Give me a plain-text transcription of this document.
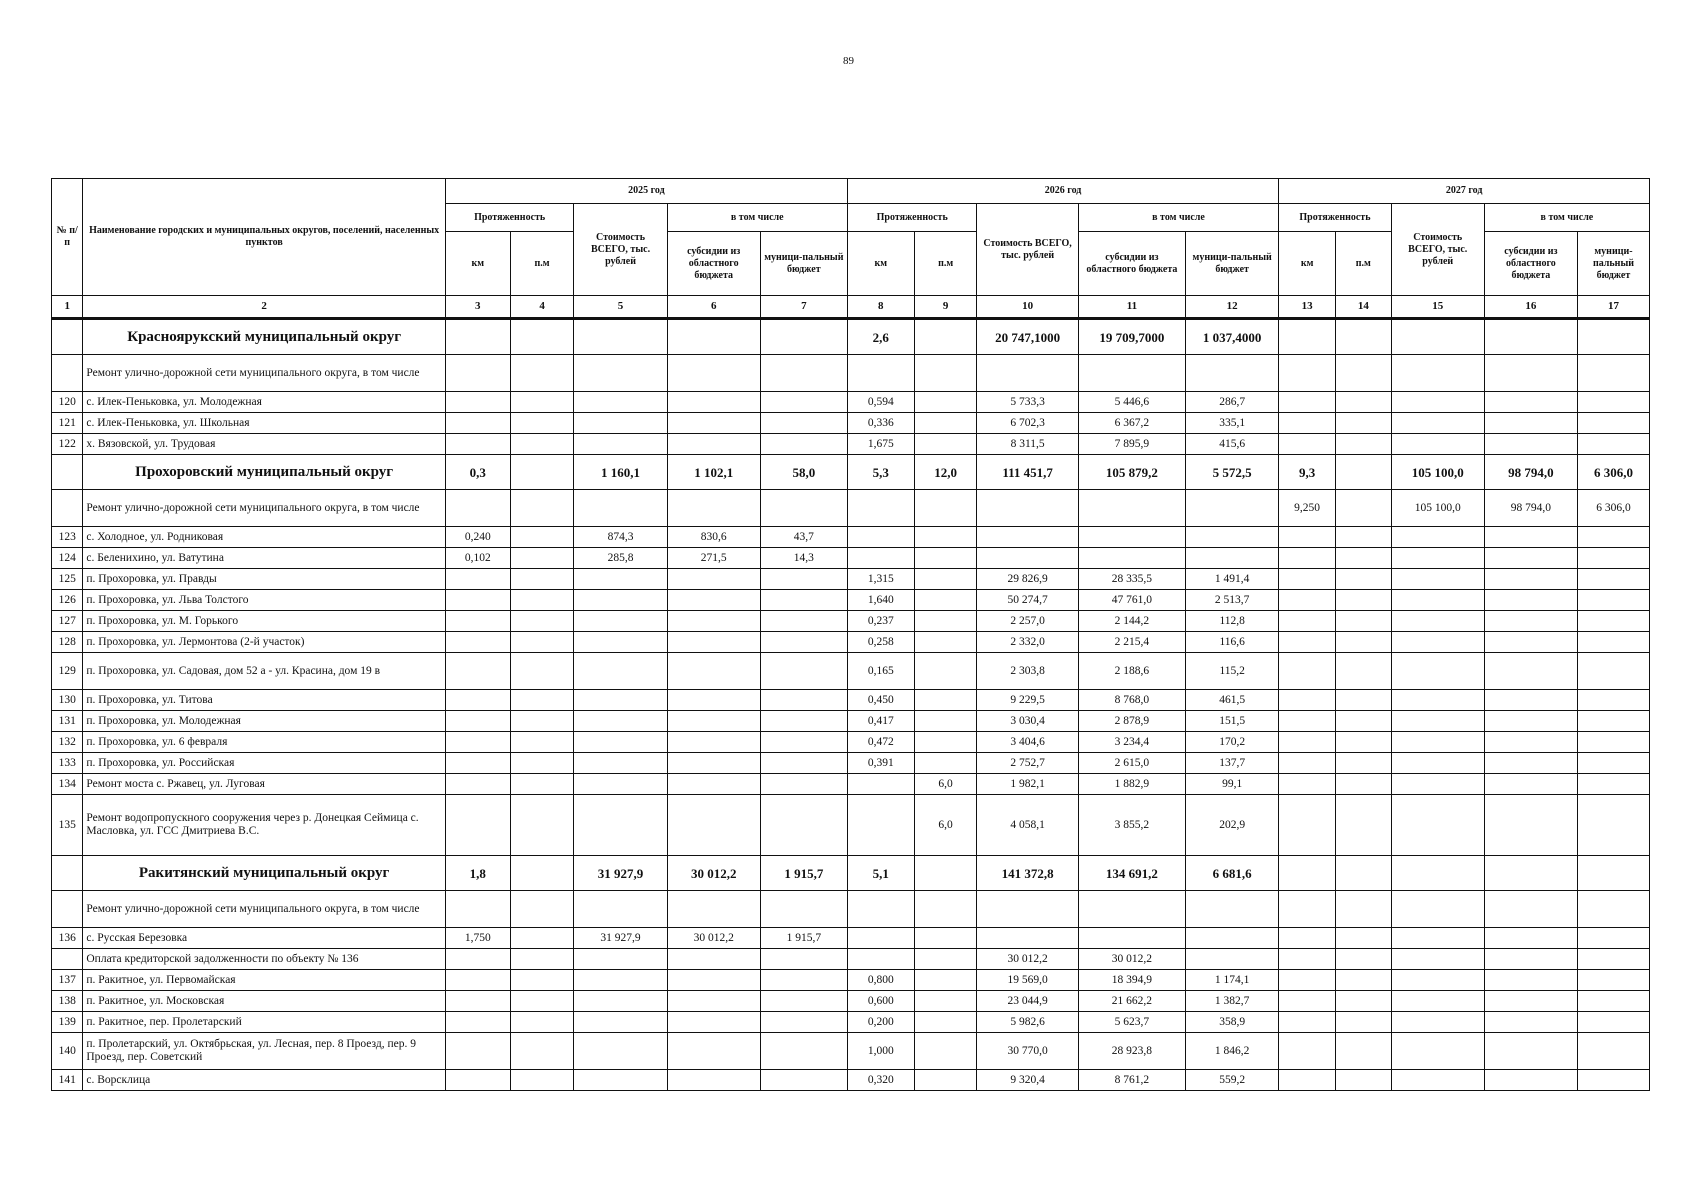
89
№ п/п	Наименование городских и муниципальных округов, поселений, населенных пунктов	2025 год					2026 год					2027 год				
		Протяженность		Стоимость ВСЕГО, тыс. рублей	в том числе		Протяженность		Стоимость ВСЕГО, тыс. рублей	в том числе		Протяженность		Стоимость ВСЕГО, тыс. рублей	в том числе	
		км	п.м		субсидии из областного бюджета	муници-пальный бюджет	км	п.м		субсидии из областного бюджета	муници-пальный бюджет	км	п.м		субсидии из областного бюджета	муници-пальный бюджет
1	2	3	4	5	6	7	8	9	10	11	12	13	14	15	16	17
	Красноярукский муниципальный округ						2,6		20 747,1000	19 709,7000	1 037,4000					
	Ремонт улично-дорожной сети муниципального округа, в том числе															
120	с. Илек-Пеньковка, ул. Молодежная						0,594		5 733,3	5 446,6	286,7					
121	с. Илек-Пеньковка, ул. Школьная						0,336		6 702,3	6 367,2	335,1					
122	х. Вязовской, ул. Трудовая						1,675		8 311,5	7 895,9	415,6					
	Прохоровский муниципальный округ	0,3		1 160,1	1 102,1	58,0	5,3	12,0	111 451,7	105 879,2	5 572,5	9,3		105 100,0	98 794,0	6 306,0
	Ремонт улично-дорожной сети муниципального округа, в том числе											9,250		105 100,0	98 794,0	6 306,0
123	с. Холодное, ул. Родниковая	0,240		874,3	830,6	43,7										
124	с. Беленихино, ул. Ватутина	0,102		285,8	271,5	14,3										
125	п. Прохоровка, ул. Правды						1,315		29 826,9	28 335,5	1 491,4					
126	п. Прохоровка, ул. Льва Толстого						1,640		50 274,7	47 761,0	2 513,7					
127	п. Прохоровка, ул. М. Горького						0,237		2 257,0	2 144,2	112,8					
128	п. Прохоровка, ул. Лермонтова (2-й участок)						0,258		2 332,0	2 215,4	116,6					
129	п. Прохоровка, ул. Садовая, дом 52 а - ул. Красина, дом 19 в						0,165		2 303,8	2 188,6	115,2					
130	п. Прохоровка, ул. Титова						0,450		9 229,5	8 768,0	461,5					
131	п. Прохоровка, ул. Молодежная						0,417		3 030,4	2 878,9	151,5					
132	п. Прохоровка, ул. 6 февраля						0,472		3 404,6	3 234,4	170,2					
133	п. Прохоровка, ул. Российская						0,391		2 752,7	2 615,0	137,7					
134	Ремонт моста с. Ржавец, ул. Луговая							6,0	1 982,1	1 882,9	99,1					
135	Ремонт водопропускного сооружения через р. Донецкая Сеймица с. Масловка, ул. ГСС Дмитриева В.С.							6,0	4 058,1	3 855,2	202,9					
	Ракитянский муниципальный округ	1,8		31 927,9	30 012,2	1 915,7	5,1		141 372,8	134 691,2	6 681,6					
	Ремонт улично-дорожной сети муниципального округа, в том числе															
136	с. Русская Березовка	1,750		31 927,9	30 012,2	1 915,7										
	Оплата кредиторской задолженности по объекту № 136								30 012,2	30 012,2						
137	п. Ракитное, ул. Первомайская						0,800		19 569,0	18 394,9	1 174,1					
138	п. Ракитное, ул. Московская						0,600		23 044,9	21 662,2	1 382,7					
139	п. Ракитное, пер. Пролетарский						0,200		5 982,6	5 623,7	358,9					
140	п. Пролетарский, ул. Октябрьская, ул. Лесная, пер. 8 Проезд, пер. 9 Проезд, пер. Советский						1,000		30 770,0	28 923,8	1 846,2					
141	с. Ворсклица						0,320		9 320,4	8 761,2	559,2					
